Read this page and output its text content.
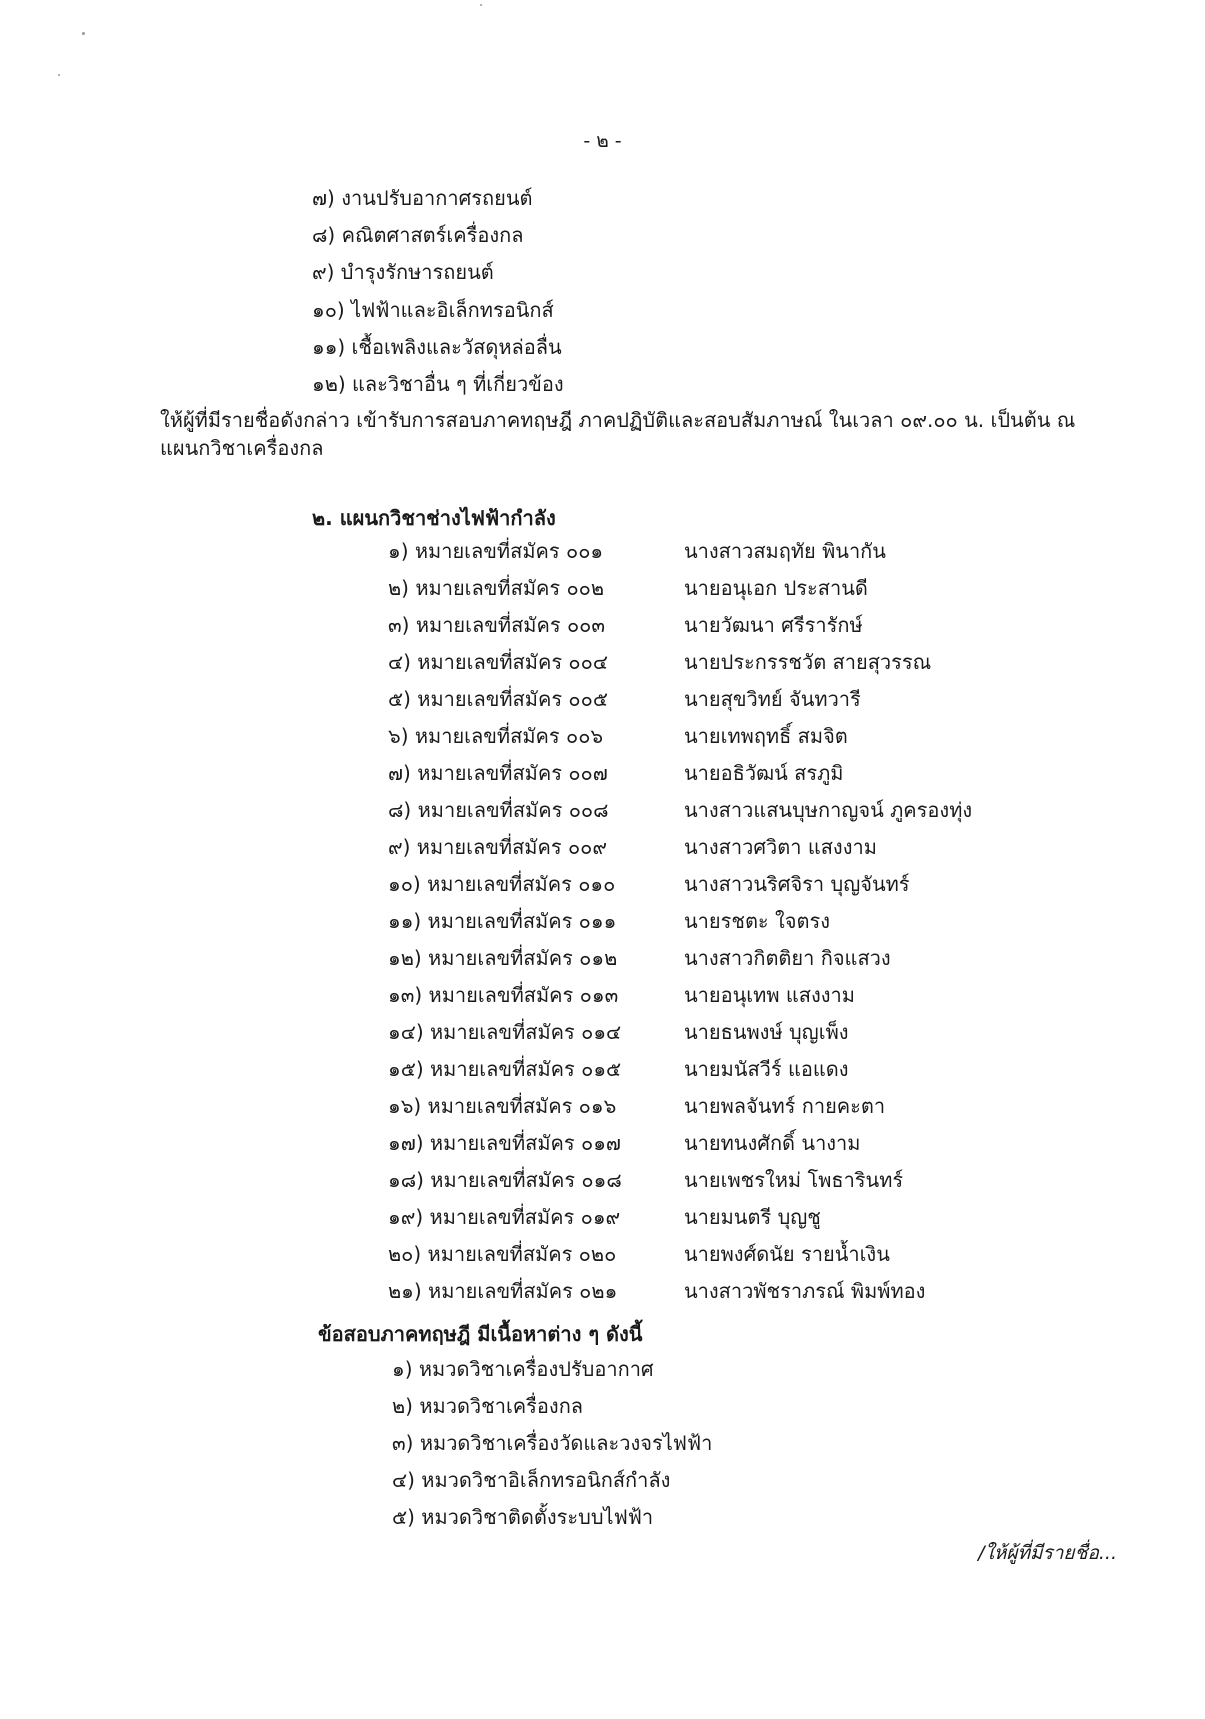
- ๒ -
๗) งานปรับอากาศรถยนต์
๘) คณิตศาสตร์เครื่องกล
๙) บำรุงรักษารถยนต์
๑๐) ไฟฟ้าและอิเล็กทรอนิกส์
๑๑) เชื้อเพลิงและวัสดุหล่อลื่น
๑๒) และวิชาอื่น ๆ ที่เกี่ยวข้อง
ให้ผู้ที่มีรายชื่อดังกล่าว เข้ารับการสอบภาคทฤษฎี ภาคปฏิบัติและสอบสัมภาษณ์ ในเวลา ๐๙.๐๐ น. เป็นต้น ณ แผนกวิชาเครื่องกล
๒. แผนกวิชาช่างไฟฟ้ากำลัง
๑) หมายเลขที่สมัคร ๐๐๑	นางสาวสมฤทัย พินากัน
๒) หมายเลขที่สมัคร ๐๐๒	นายอนุเอก ประสานดี
๓) หมายเลขที่สมัคร ๐๐๓	นายวัฒนา ศรีรารักษ์
๔) หมายเลขที่สมัคร ๐๐๔	นายประกรรชวัต สายสุวรรณ
๕) หมายเลขที่สมัคร ๐๐๕	นายสุขวิทย์ จันทวารี
๖) หมายเลขที่สมัคร ๐๐๖	นายเทพฤทธิ์ สมจิต
๗) หมายเลขที่สมัคร ๐๐๗	นายอธิวัฒน์ สรภูมิ
๘) หมายเลขที่สมัคร ๐๐๘	นางสาวแสนบุษกาญจน์ ภูครองทุ่ง
๙) หมายเลขที่สมัคร ๐๐๙	นางสาวศวิตา แสงงาม
๑๐) หมายเลขที่สมัคร ๐๑๐	นางสาวนริศจิรา บุญจันทร์
๑๑) หมายเลขที่สมัคร ๐๑๑	นายรชตะ ใจตรง
๑๒) หมายเลขที่สมัคร ๐๑๒	นางสาวกิตติยา กิจแสวง
๑๓) หมายเลขที่สมัคร ๐๑๓	นายอนุเทพ แสงงาม
๑๔) หมายเลขที่สมัคร ๐๑๔	นายธนพงษ์ บุญเพ็ง
๑๕) หมายเลขที่สมัคร ๐๑๕	นายมนัสวีร์ แอแดง
๑๖) หมายเลขที่สมัคร ๐๑๖	นายพลจันทร์ กายคะตา
๑๗) หมายเลขที่สมัคร ๐๑๗	นายทนงศักดิ์ นางาม
๑๘) หมายเลขที่สมัคร ๐๑๘	นายเพชรใหม่ โพธารินทร์
๑๙) หมายเลขที่สมัคร ๐๑๙	นายมนตรี บุญชู
๒๐) หมายเลขที่สมัคร ๐๒๐	นายพงศ์ดนัย รายน้ำเงิน
๒๑) หมายเลขที่สมัคร ๐๒๑	นางสาวพัชราภรณ์ พิมพ์ทอง
ข้อสอบภาคทฤษฎี มีเนื้อหาต่าง ๆ ดังนี้
๑) หมวดวิชาเครื่องปรับอากาศ
๒) หมวดวิชาเครื่องกล
๓) หมวดวิชาเครื่องวัดและวงจรไฟฟ้า
๔) หมวดวิชาอิเล็กทรอนิกส์กำลัง
๕) หมวดวิชาติดตั้งระบบไฟฟ้า
/ให้ผู้ที่มีรายชื่อ...
